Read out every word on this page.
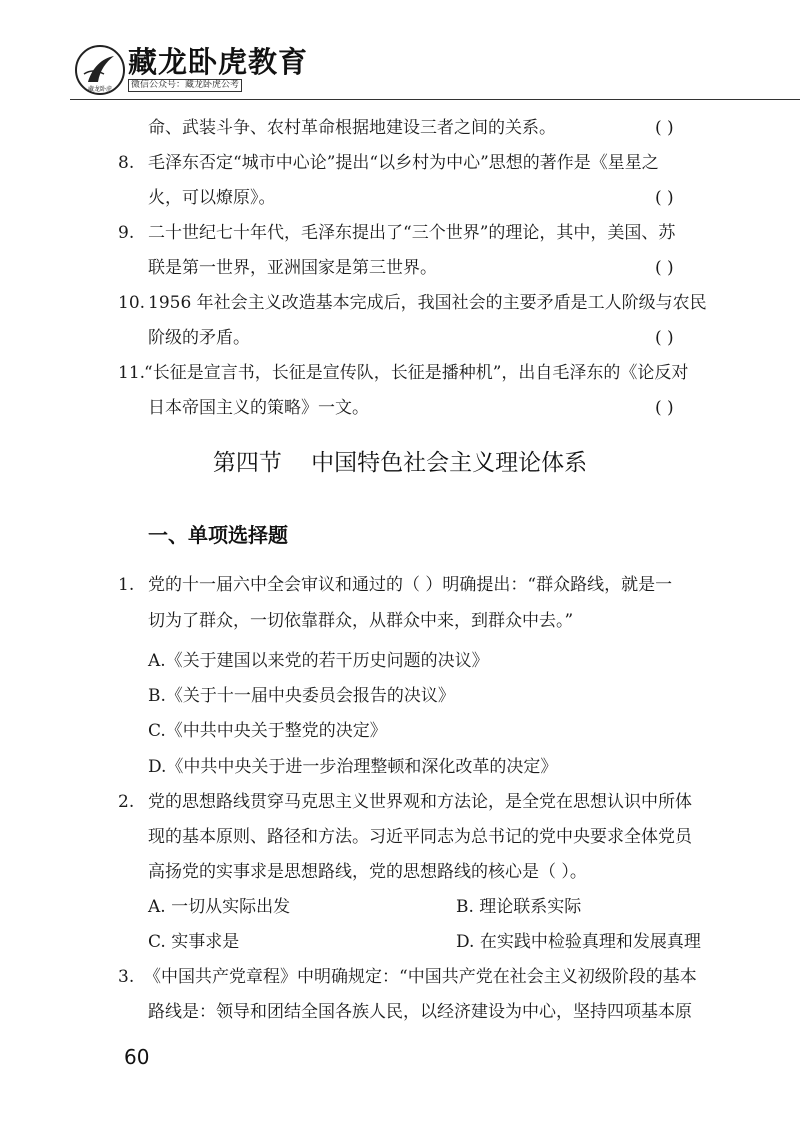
藏龙卧虎
藏龙卧虎教育
微信公众号：藏龙卧虎公考
命、武装斗争、农村革命根据地建设三者之间的关系。	( )
8. 毛泽东否定“城市中心论”提出“以乡村为中心”思想的著作是《星星之
火，可以燎原》。	( )
9. 二十世纪七十年代，毛泽东提出了“三个世界”的理论，其中，美国、苏
联是第一世界，亚洲国家是第三世界。	( )
10. 1956 年社会主义改造基本完成后，我国社会的主要矛盾是工人阶级与农民
阶级的矛盾。	( )
11.
“长征是宣言书，长征是宣传队，长征是播种机”，出自毛泽东的《论反对
日本帝国主义的策略》一文。	( )
第四节    中国特色社会主义理论体系
一、单项选择题
1. 党的十一届六中全会审议和通过的（ ）明确提出：“群众路线，就是一
切为了群众，一切依靠群众，从群众中来，到群众中去。”
A.《关于建国以来党的若干历史问题的决议》
B.《关于十一届中央委员会报告的决议》
C.《中共中央关于整党的决定》
D.《中共中央关于进一步治理整顿和深化改革的决定》
2. 党的思想路线贯穿马克思主义世界观和方法论，是全党在思想认识中所体
现的基本原则、路径和方法。习近平同志为总书记的党中央要求全体党员
高扬党的实事求是思想路线，党的思想路线的核心是（ ）。
A. 一切从实际出发	B. 理论联系实际
C. 实事求是	D. 在实践中检验真理和发展真理
3. 《中国共产党章程》中明确规定：“中国共产党在社会主义初级阶段的基本
路线是：领导和团结全国各族人民，以经济建设为中心，坚持四项基本原
60
